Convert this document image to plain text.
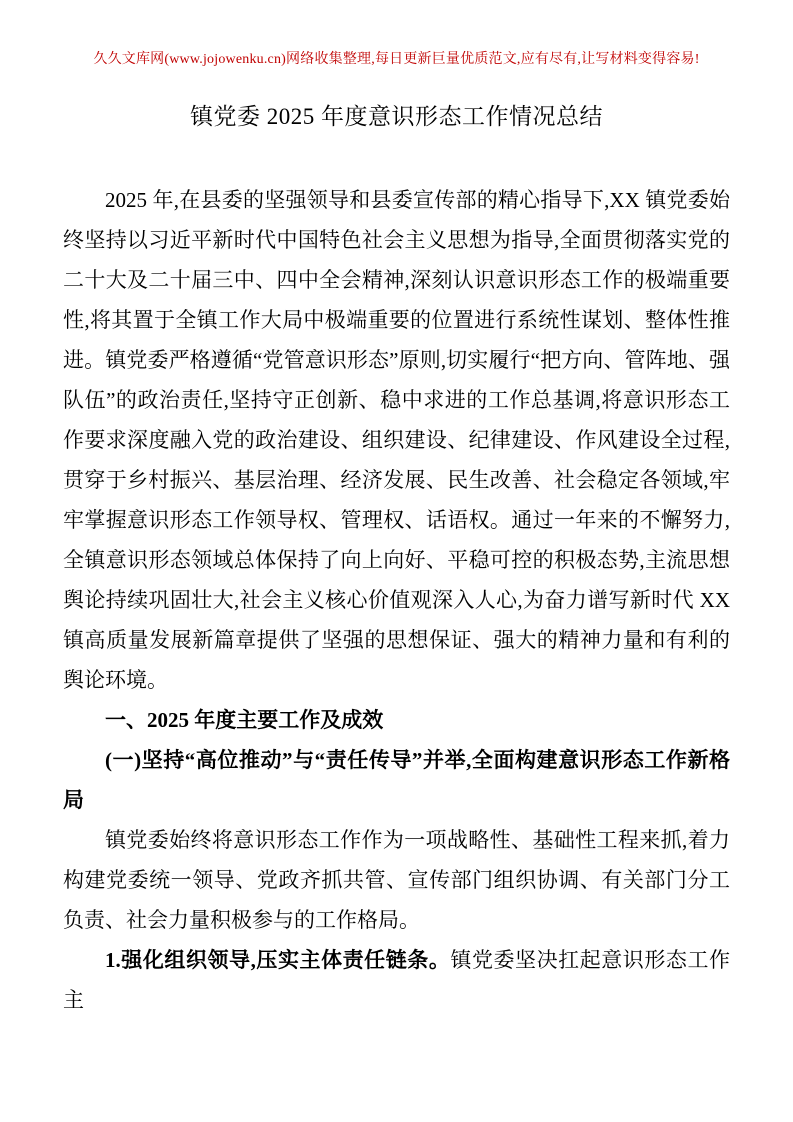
久久文库网(www.jojowenku.cn)网络收集整理,每日更新巨量优质范文,应有尽有,让写材料变得容易!
镇党委 2025 年度意识形态工作情况总结

2025 年,在县委的坚强领导和县委宣传部的精心指导下,XX 镇党委始终坚持以习近平新时代中国特色社会主义思想为指导,全面贯彻落实党的二十大及二十届三中、四中全会精神,深刻认识意识形态工作的极端重要性,将其置于全镇工作大局中极端重要的位置进行系统性谋划、整体性推进。镇党委严格遵循“党管意识形态”原则,切实履行“把方向、管阵地、强队伍”的政治责任,坚持守正创新、稳中求进的工作总基调,将意识形态工作要求深度融入党的政治建设、组织建设、纪律建设、作风建设全过程,贯穿于乡村振兴、基层治理、经济发展、民生改善、社会稳定各领域,牢牢掌握意识形态工作领导权、管理权、话语权。通过一年来的不懈努力,全镇意识形态领域总体保持了向上向好、平稳可控的积极态势,主流思想舆论持续巩固壮大,社会主义核心价值观深入人心,为奋力谱写新时代 XX 镇高质量发展新篇章提供了坚强的思想保证、强大的精神力量和有利的舆论环境。

一、2025 年度主要工作及成效

(一)坚持“高位推动”与“责任传导”并举,全面构建意识形态工作新格局

镇党委始终将意识形态工作作为一项战略性、基础性工程来抓,着力构建党委统一领导、党政齐抓共管、宣传部门组织协调、有关部门分工负责、社会力量积极参与的工作格局。

1.强化组织领导,压实主体责任链条。镇党委坚决扛起意识形态工作主
